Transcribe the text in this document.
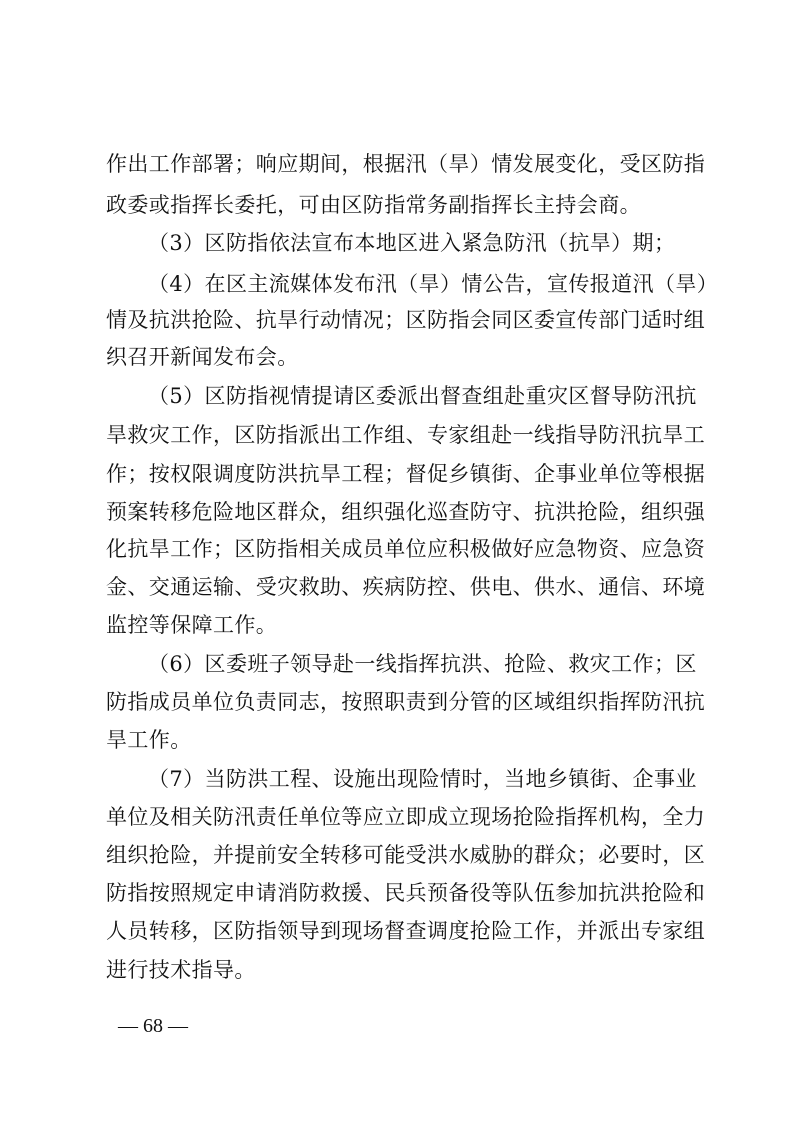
作出工作部署；响应期间，根据汛（旱）情发展变化，受区防指
政委或指挥长委托，可由区防指常务副指挥长主持会商。
（3）区防指依法宣布本地区进入紧急防汛（抗旱）期；
（4）在区主流媒体发布汛（旱）情公告，宣传报道汛（旱）
情及抗洪抢险、抗旱行动情况；区防指会同区委宣传部门适时组
织召开新闻发布会。
（5）区防指视情提请区委派出督查组赴重灾区督导防汛抗
旱救灾工作，区防指派出工作组、专家组赴一线指导防汛抗旱工
作；按权限调度防洪抗旱工程；督促乡镇街、企事业单位等根据
预案转移危险地区群众，组织强化巡查防守、抗洪抢险，组织强
化抗旱工作；区防指相关成员单位应积极做好应急物资、应急资
金、交通运输、受灾救助、疾病防控、供电、供水、通信、环境
监控等保障工作。
（6）区委班子领导赴一线指挥抗洪、抢险、救灾工作；区
防指成员单位负责同志，按照职责到分管的区域组织指挥防汛抗
旱工作。
（7）当防洪工程、设施出现险情时，当地乡镇街、企事业
单位及相关防汛责任单位等应立即成立现场抢险指挥机构，全力
组织抢险，并提前安全转移可能受洪水威胁的群众；必要时，区
防指按照规定申请消防救援、民兵预备役等队伍参加抗洪抢险和
人员转移，区防指领导到现场督查调度抢险工作，并派出专家组
进行技术指导。
— 68 —
